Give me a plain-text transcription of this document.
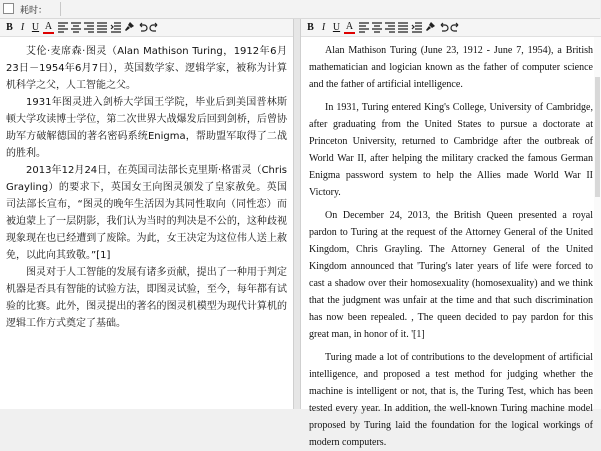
耗时：
B I U A

艾伦·麦席森·图灵（Alan Mathison Turing，1912年6月23日－1954年6月7日），英国数学家、逻辑学家，被称为计算机科学之父，人工智能之父。

1931年图灵进入剑桥大学国王学院，毕业后到美国普林斯顿大学攻读博士学位，第二次世界大战爆发后回到剑桥，后曾协助军方破解德国的著名密码系统Enigma，帮助盟军取得了二战的胜利。

2013年12月24日，在英国司法部长克里斯·格雷灵（Chris Grayling）的要求下，英国女王向图灵颁发了皇家赦免。英国司法部长宣布，“图灵的晚年生活因为其同性取向（同性恋）而被迫蒙上了一层阴影，我们认为当时的判决是不公的，这种歧视现象现在也已经遭到了废除。为此，女王决定为这位伟人送上赦免，以此向其致敬。”[1]

图灵对于人工智能的发展有诸多贡献，提出了一种用于判定机器是否具有智能的试验方法，即图灵试验，至今，每年都有试验的比赛。此外，图灵提出的著名的图灵机模型为现代计算机的逻辑工作方式奠定了基础。

B I U A

Alan Mathison Turing (June 23, 1912 - June 7, 1954), a British mathematician and logician known as the father of computer science and the father of artificial intelligence.

In 1931, Turing entered King's College, University of Cambridge, after graduating from the United States to pursue a doctorate at Princeton University, returned to Cambridge after the outbreak of World War II, after helping the military cracked the famous German Enigma password system to help the Allies made World War II Victory.

On December 24, 2013, the British Queen presented a royal pardon to Turing at the request of the Attorney General of the United Kingdom, Chris Grayling. The Attorney General of the United Kingdom announced that 'Turing's later years of life were forced to cast a shadow over their homosexuality (homosexuality) and we think that the judgment was unfair at the time and that such discrimination has now been repealed. , The queen decided to pay pardon for this great man, in honor of it. '[1]

Turing made a lot of contributions to the development of artificial intelligence, and proposed a test method for judging whether the machine is intelligent or not, that is, the Turing Test, which has been tested every year. In addition, the well-known Turing machine model proposed by Turing laid the foundation for the logical workings of modern computers.
